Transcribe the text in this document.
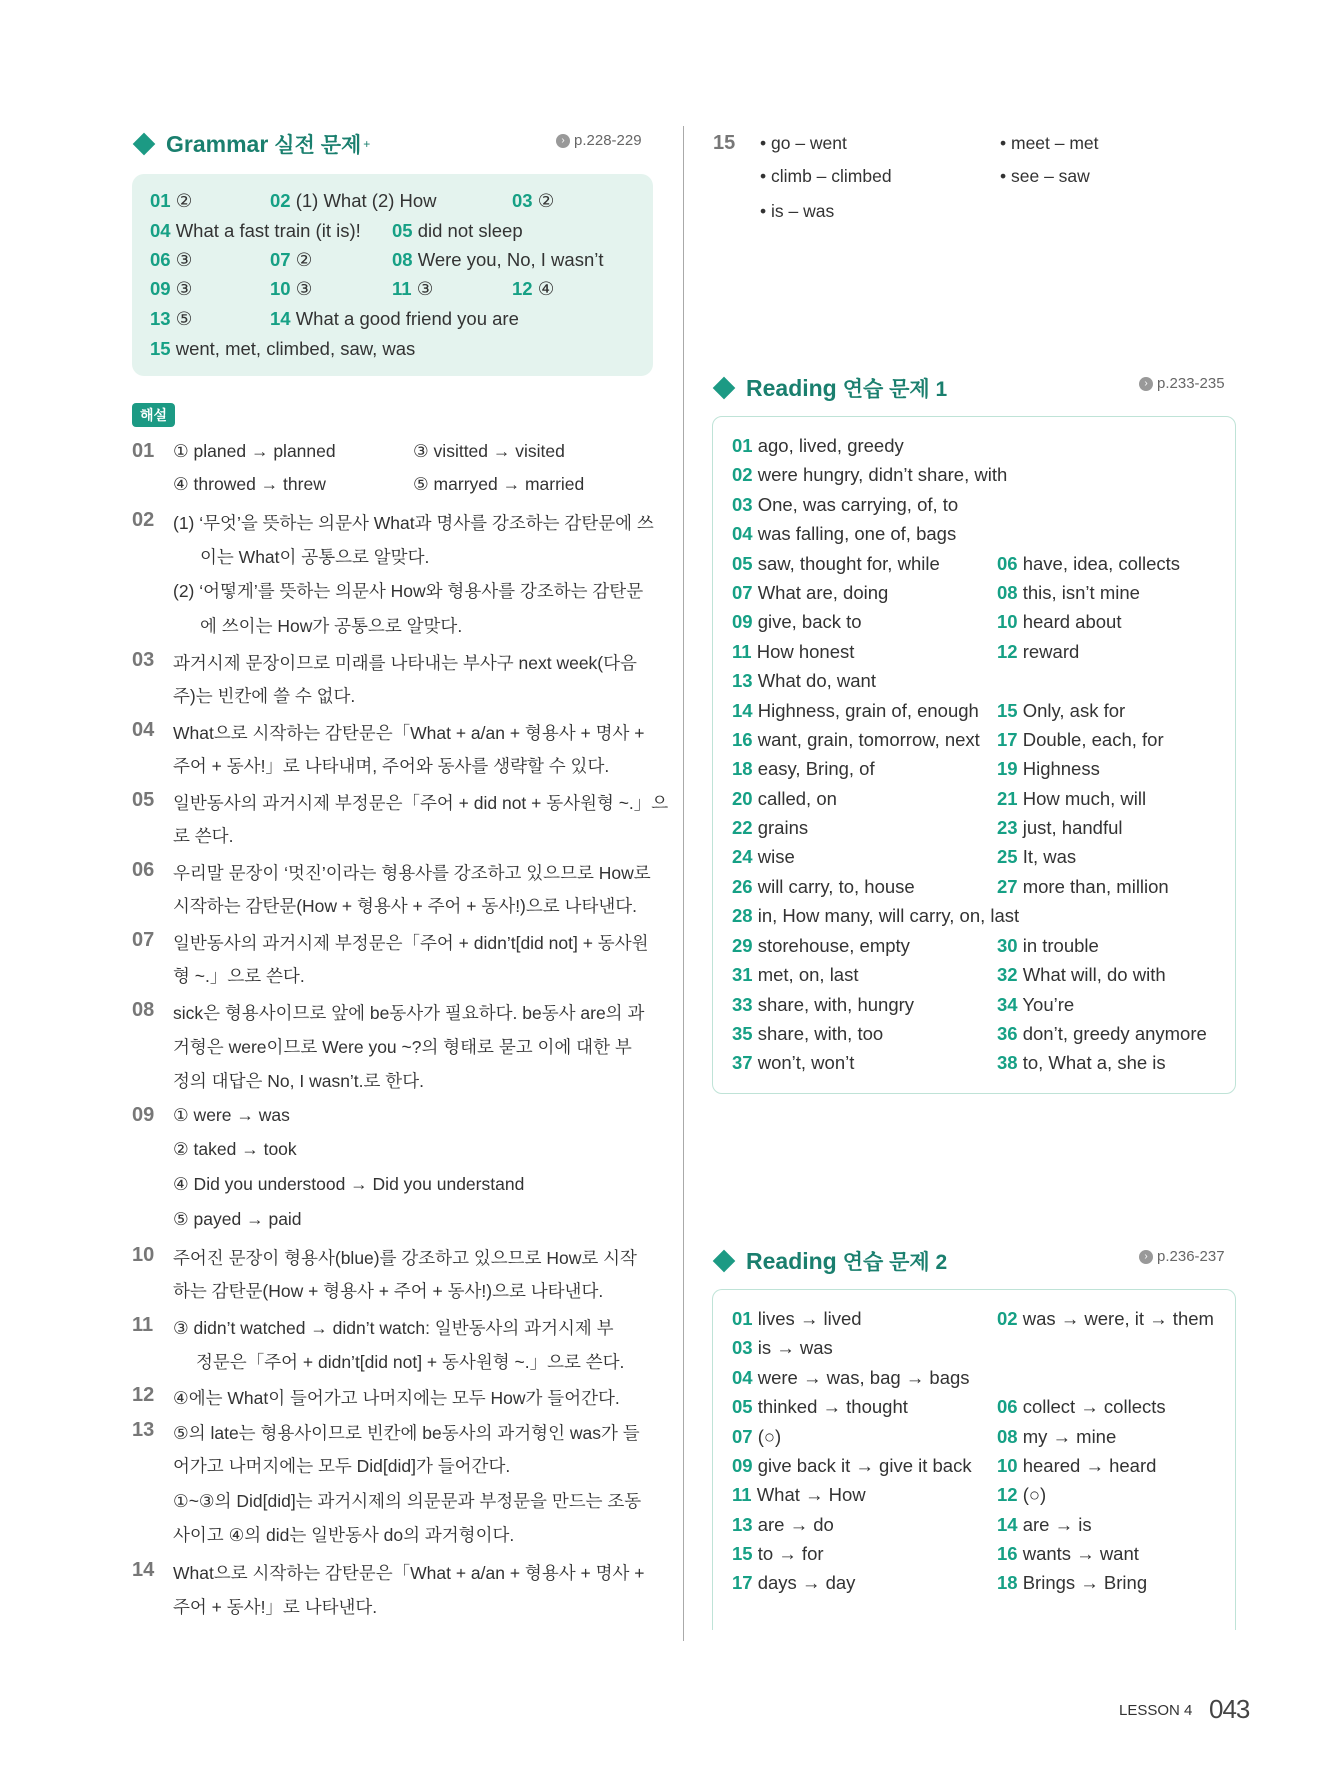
Grammar 실전 문제 +	› p.228-229
01 ②	02 (1) What (2) How	03 ②
04 What a fast train (it is)! 05 did not sleep
06 ③	07 ②	08 Were you, No, I wasn’t
09 ③	10 ③	11 ③	12 ④
13 ⑤	14 What a good friend you are
15 went, met, climbed, saw, was
해설
01 ① planed → planned	③ visitted → visited
④ throwed → threw	⑤ marryed → married
02 (1) ‘무엇’을 뜻하는 의문사 What과 명사를 강조하는 감탄문에 쓰
이는 What이 공통으로 알맞다.
(2) ‘어떻게’를 뜻하는 의문사 How와 형용사를 강조하는 감탄문
에 쓰이는 How가 공통으로 알맞다.
03 과거시제 문장이므로 미래를 나타내는 부사구 next week(다음
주)는 빈칸에 쓸 수 없다.
04 What으로 시작하는 감탄문은「What + a/an + 형용사 + 명사 +
주어 + 동사!」로 나타내며, 주어와 동사를 생략할 수 있다.
05 일반동사의 과거시제 부정문은「주어 + did not + 동사원형 ~.」으
로 쓴다.
06 우리말 문장이 ‘멋진’이라는 형용사를 강조하고 있으므로 How로
시작하는 감탄문(How + 형용사 + 주어 + 동사!)으로 나타낸다.
07 일반동사의 과거시제 부정문은「주어 + didn’t[did not] + 동사원
형 ~.」으로 쓴다.
08 sick은 형용사이므로 앞에 be동사가 필요하다. be동사 are의 과
거형은 were이므로 Were you ~?의 형태로 묻고 이에 대한 부
정의 대답은 No, I wasn’t.로 한다.
09 ① were → was
② taked → took
④ Did you understood → Did you understand
⑤ payed → paid
10 주어진 문장이 형용사(blue)를 강조하고 있으므로 How로 시작
하는 감탄문(How + 형용사 + 주어 + 동사!)으로 나타낸다.
11 ③ didn’t watched → didn’t watch: 일반동사의 과거시제 부
정문은「주어 + didn’t[did not] + 동사원형 ~.」으로 쓴다.
12 ④에는 What이 들어가고 나머지에는 모두 How가 들어간다.
13 ⑤의 late는 형용사이므로 빈칸에 be동사의 과거형인 was가 들
어가고 나머지에는 모두 Did[did]가 들어간다.
①~③의 Did[did]는 과거시제의 의문문과 부정문을 만드는 조동
사이고 ④의 did는 일반동사 do의 과거형이다.
14 What으로 시작하는 감탄문은「What + a/an + 형용사 + 명사 +
주어 + 동사!」로 나타낸다.
15 • go – went	• meet – met
• climb – climbed	• see – saw
• is – was
Reading 연습 문제 1	› p.233-235
01 ago, lived, greedy
02 were hungry, didn’t share, with
03 One, was carrying, of, to
04 was falling, one of, bags
05 saw, thought for, while	06 have, idea, collects
07 What are, doing	08 this, isn’t mine
09 give, back to	10 heard about
11 How honest	12 reward
13 What do, want
14 Highness, grain of, enough 15 Only, ask for
16 want, grain, tomorrow, next 17 Double, each, for
18 easy, Bring, of	19 Highness
20 called, on	21 How much, will
22 grains	23 just, handful
24 wise	25 It, was
26 will carry, to, house	27 more than, million
28 in, How many, will carry, on, last
29 storehouse, empty	30 in trouble
31 met, on, last	32 What will, do with
33 share, with, hungry	34 You’re
35 share, with, too	36 don’t, greedy anymore
37 won’t, won’t	38 to, What a, she is
Reading 연습 문제 2	› p.236-237
01 lives → lived	02 was → were, it → them
03 is → was
04 were → was, bag → bags
05 thinked → thought	06 collect → collects
07 (○)	08 my → mine
09 give back it → give it back 10 heared → heard
11 What → How	12 (○)
13 are → do	14 are → is
15 to → for	16 wants → want
17 days → day	18 Brings → Bring
LESSON 4 043
